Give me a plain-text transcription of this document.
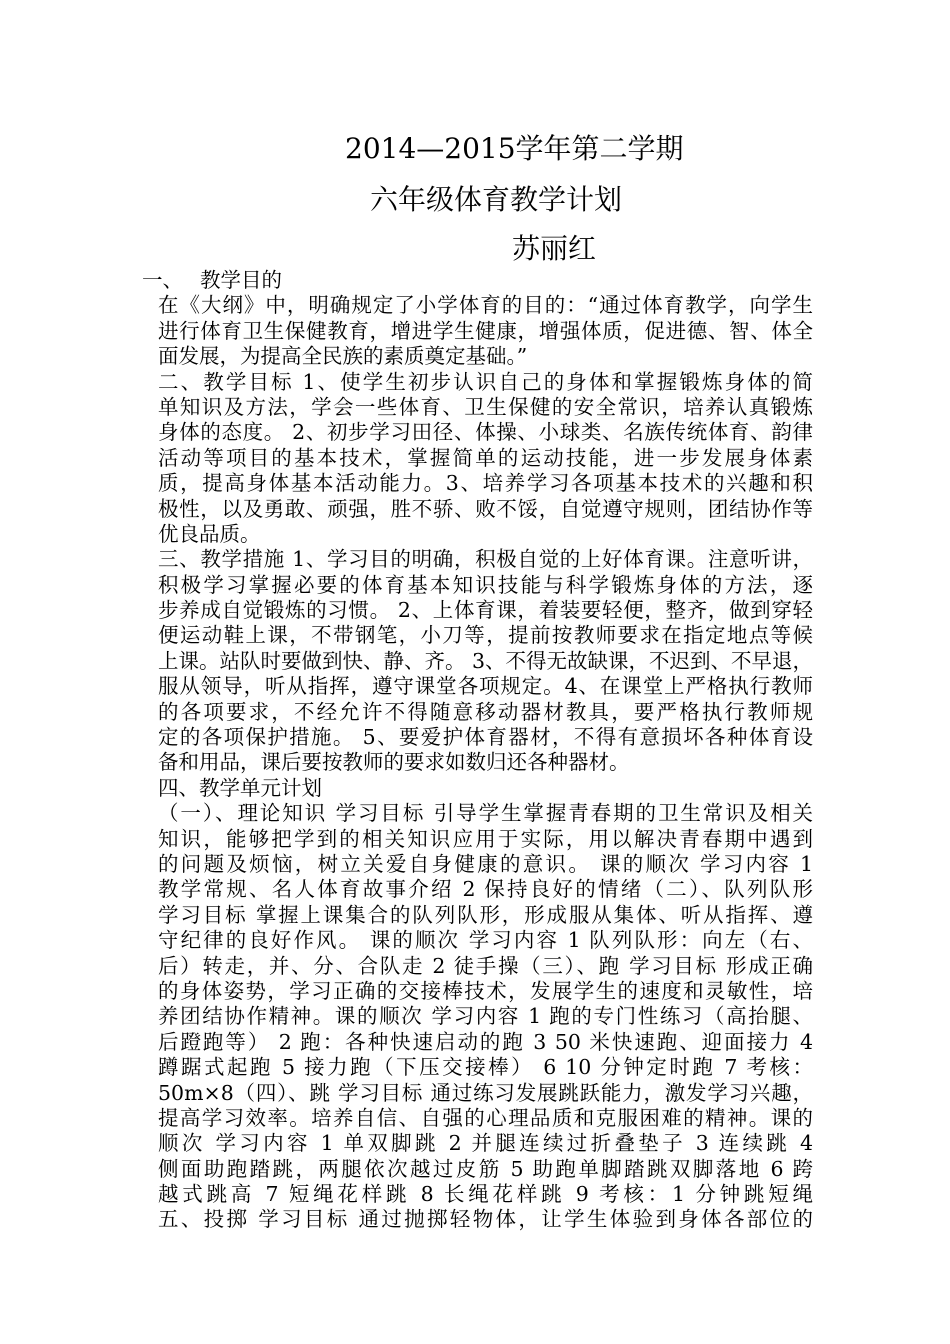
2014—2015学年第二学期
六年级体育教学计划
苏丽红
一、 教学目的
在《大纲》中，明确规定了小学体育的目的：“通过体育教学，向学生
进行体育卫生保健教育，增进学生健康，增强体质，促进德、智、体全
面发展，为提高全民族的素质奠定基础。”
二、教学目标 1、使学生初步认识自己的身体和掌握锻炼身体的简
单知识及方法，学会一些体育、卫生保健的安全常识，培养认真锻炼
身体的态度。 2、初步学习田径、体操、小球类、名族传统体育、韵律
活动等项目的基本技术，掌握简单的运动技能，进一步发展身体素
质，提高身体基本活动能力。3、培养学习各项基本技术的兴趣和积
极性，以及勇敢、顽强，胜不骄、败不馁，自觉遵守规则，团结协作等
优良品质。
三、教学措施 1、学习目的明确，积极自觉的上好体育课。注意听讲，
积极学习掌握必要的体育基本知识技能与科学锻炼身体的方法，逐
步养成自觉锻炼的习惯。 2、上体育课，着装要轻便，整齐，做到穿轻
便运动鞋上课，不带钢笔，小刀等，提前按教师要求在指定地点等候
上课。站队时要做到快、静、齐。 3、不得无故缺课，不迟到、不早退，
服从领导，听从指挥，遵守课堂各项规定。4、在课堂上严格执行教师
的各项要求，不经允许不得随意移动器材教具，要严格执行教师规
定的各项保护措施。 5、要爱护体育器材，不得有意损坏各种体育设
备和用品，课后要按教师的要求如数归还各种器材。
四、教学单元计划
（一）、理论知识 学习目标 引导学生掌握青春期的卫生常识及相关
知识，能够把学到的相关知识应用于实际，用以解决青春期中遇到
的问题及烦恼，树立关爱自身健康的意识。 课的顺次 学习内容 1
教学常规、名人体育故事介绍 2 保持良好的情绪（二）、队列队形
学习目标 掌握上课集合的队列队形，形成服从集体、听从指挥、遵
守纪律的良好作风。 课的顺次 学习内容 1 队列队形：向左（右、
后）转走，并、分、合队走 2 徒手操（三）、跑 学习目标 形成正确
的身体姿势，学习正确的交接棒技术，发展学生的速度和灵敏性，培
养团结协作精神。课的顺次 学习内容 1 跑的专门性练习（高抬腿、
后蹬跑等） 2 跑：各种快速启动的跑 3 50 米快速跑、迎面接力 4
蹲踞式起跑 5 接力跑（下压交接棒） 6 10 分钟定时跑 7 考核：
50m×8（四）、跳 学习目标 通过练习发展跳跃能力，激发学习兴趣，
提高学习效率。培养自信、自强的心理品质和克服困难的精神。课的
顺次 学习内容 1 单双脚跳 2 并腿连续过折叠垫子 3 连续跳 4
侧面助跑踏跳，两腿依次越过皮筋 5 助跑单脚踏跳双脚落地 6 跨
越式跳高 7 短绳花样跳 8 长绳花样跳 9 考核：1 分钟跳短绳
五、投掷 学习目标 通过抛掷轻物体，让学生体验到身体各部位的
